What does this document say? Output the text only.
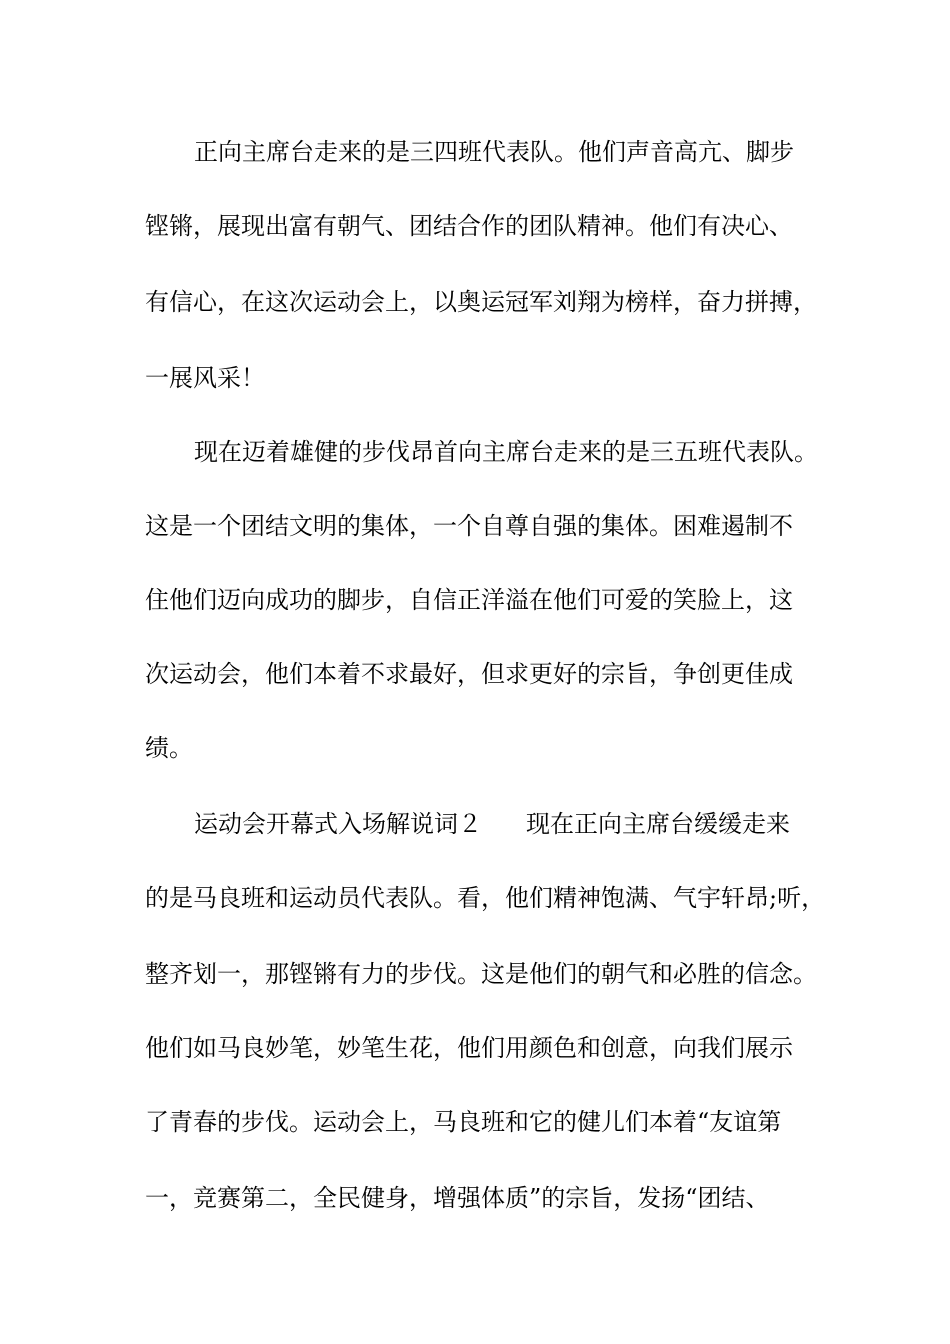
正向主席台走来的是三四班代表队。他们声音高亢、脚步
铿锵，展现出富有朝气、团结合作的团队精神。他们有决心、
有信心，在这次运动会上，以奥运冠军刘翔为榜样，奋力拼搏，
一展风采！
现在迈着雄健的步伐昂首向主席台走来的是三五班代表队。
这是一个团结文明的集体，一个自尊自强的集体。困难遏制不
住他们迈向成功的脚步，自信正洋溢在他们可爱的笑脸上，这
次运动会，他们本着不求最好，但求更好的宗旨，争创更佳成
绩。
运动会开幕式入场解说词２ 现在正向主席台缓缓走来
的是马良班和运动员代表队。看，他们精神饱满、气宇轩昂;听，
整齐划一，那铿锵有力的步伐。这是他们的朝气和必胜的信念。
他们如马良妙笔，妙笔生花，他们用颜色和创意，向我们展示
了青春的步伐。运动会上，马良班和它的健儿们本着“友谊第
一，竞赛第二，全民健身，增强体质”的宗旨，发扬“团结、
